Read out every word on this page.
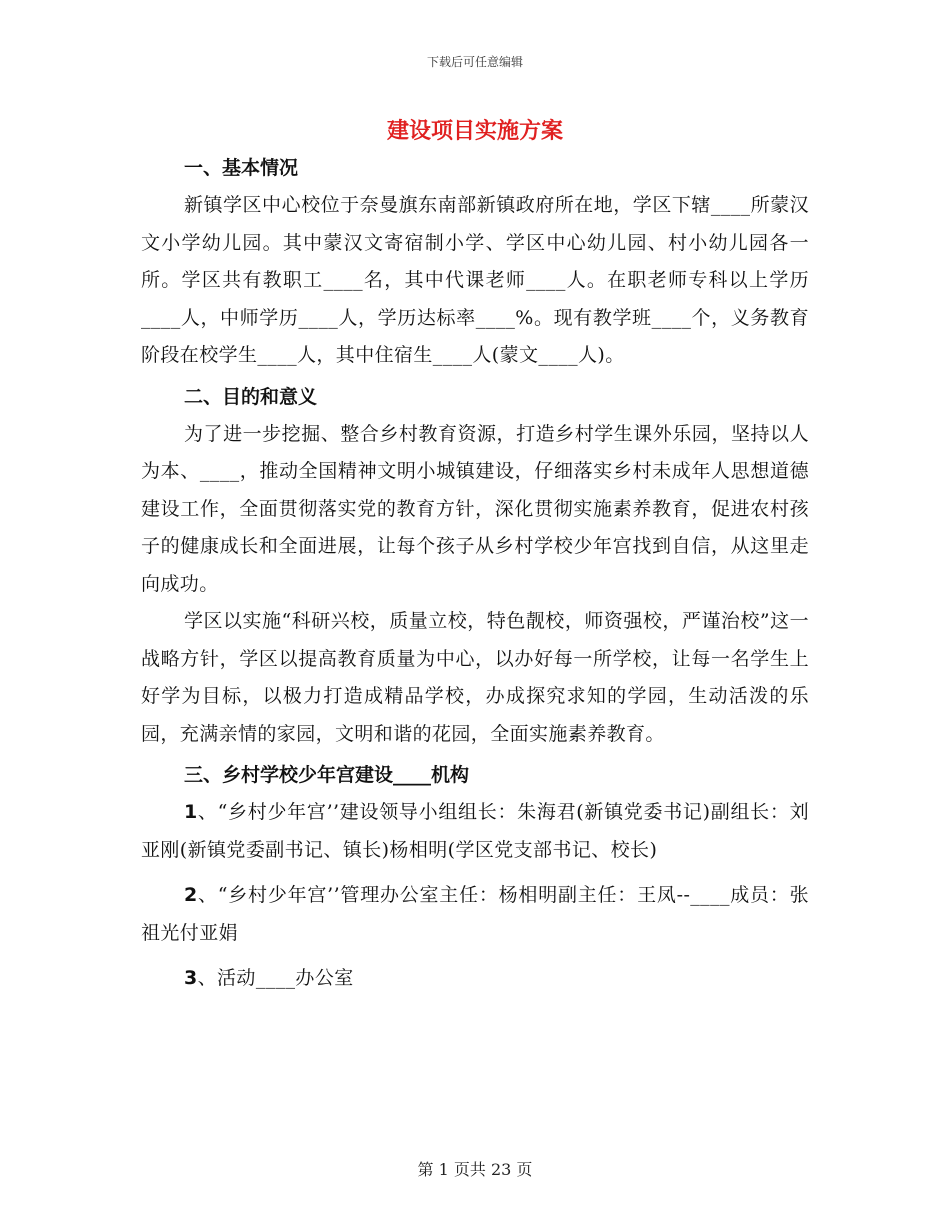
下载后可任意编辑
建设项目实施方案

一、基本情况

新镇学区中心校位于奈曼旗东南部新镇政府所在地，学区下辖____所蒙汉文小学幼儿园。其中蒙汉文寄宿制小学、学区中心幼儿园、村小幼儿园各一所。学区共有教职工____名，其中代课老师____人。在职老师专科以上学历____人，中师学历____人，学历达标率____%。现有教学班____个，义务教育阶段在校学生____人，其中住宿生____人(蒙文____人)。

二、目的和意义

为了进一步挖掘、整合乡村教育资源，打造乡村学生课外乐园，坚持以人为本、____，推动全国精神文明小城镇建设，仔细落实乡村未成年人思想道德建设工作，全面贯彻落实党的教育方针，深化贯彻实施素养教育，促进农村孩子的健康成长和全面进展，让每个孩子从乡村学校少年宫找到自信，从这里走向成功。

学区以实施“科研兴校，质量立校，特色靓校，师资强校，严谨治校”这一战略方针，学区以提高教育质量为中心，以办好每一所学校，让每一名学生上好学为目标，以极力打造成精品学校，办成探究求知的学园，生动活泼的乐园，充满亲情的家园，文明和谐的花园，全面实施素养教育。

三、乡村学校少年宫建设____机构

1、“乡村少年宫’’建设领导小组组长：朱海君(新镇党委书记)副组长：刘亚刚(新镇党委副书记、镇长)杨相明(学区党支部书记、校长)

2、“乡村少年宫’’管理办公室主任：杨相明副主任：王凤--____成员：张祖光付亚娟

3、活动____办公室

第 1 页共 23 页
